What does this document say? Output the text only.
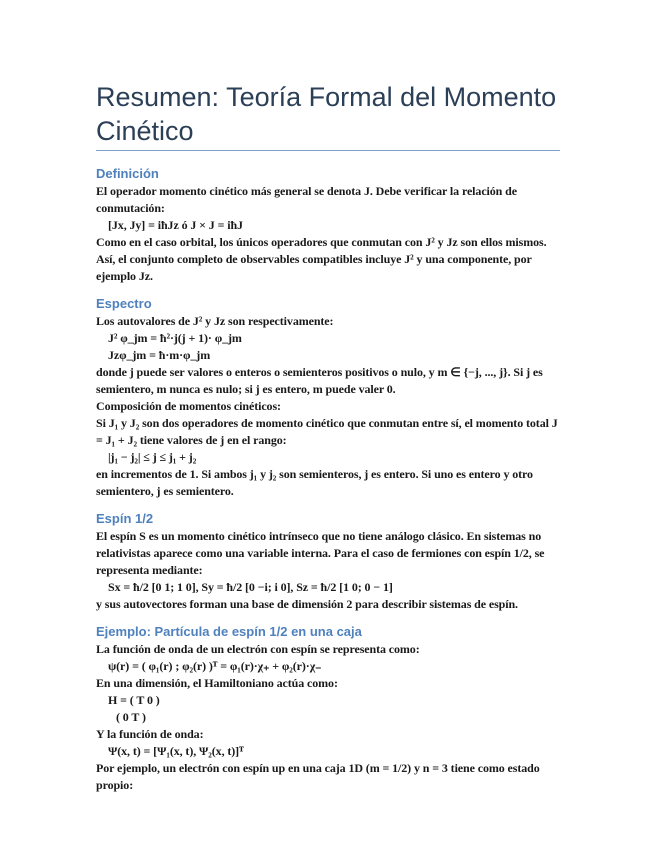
Resumen: Teoría Formal del Momento Cinético
Definición
El operador momento cinético más general se denota J. Debe verificar la relación de
conmutación:
[Jx, Jy] = iħJz ó J × J = iħJ
Como en el caso orbital, los únicos operadores que conmutan con J² y Jz son ellos mismos.
Así, el conjunto completo de observables compatibles incluye J² y una componente, por
ejemplo Jz.
Espectro
Los autovalores de J² y Jz son respectivamente:
J² φ_jm = ħ²·j(j + 1)· φ_jm
Jzφ_jm = ħ·m·φ_jm
donde j puede ser valores o enteros o semienteros positivos o nulo, y m ∈ {−j, ..., j}. Si j es
semientero, m nunca es nulo; si j es entero, m puede valer 0.
Composición de momentos cinéticos:
Si J₁ y J₂ son dos operadores de momento cinético que conmutan entre sí, el momento total J
= J₁ + J₂ tiene valores de j en el rango:
|j₁ − j₂| ≤ j ≤ j₁ + j₂
en incrementos de 1. Si ambos j₁ y j₂ son semienteros, j es entero. Si uno es entero y otro
semientero, j es semientero.
Espín 1/2
El espín S es un momento cinético intrínseco que no tiene análogo clásico. En sistemas no
relativistas aparece como una variable interna. Para el caso de fermiones con espín 1/2, se
representa mediante:
Sx = ħ/2 [0 1; 1 0], Sy = ħ/2 [0 −i; i 0], Sz = ħ/2 [1 0; 0 − 1]
y sus autovectores forman una base de dimensión 2 para describir sistemas de espín.
Ejemplo: Partícula de espín 1/2 en una caja
La función de onda de un electrón con espín se representa como:
ψ(r) = ( φ₁(r) ; φ₂(r) )ᵀ = φ₁(r)·χ₊ + φ₂(r)·χ₋
En una dimensión, el Hamiltoniano actúa como:
H = ( T 0 )
( 0 T )
Y la función de onda:
Ψ(x, t) = [Ψ₁(x, t), Ψ₂(x, t)]ᵀ
Por ejemplo, un electrón con espín up en una caja 1D (m = 1/2) y n = 3 tiene como estado
propio:
